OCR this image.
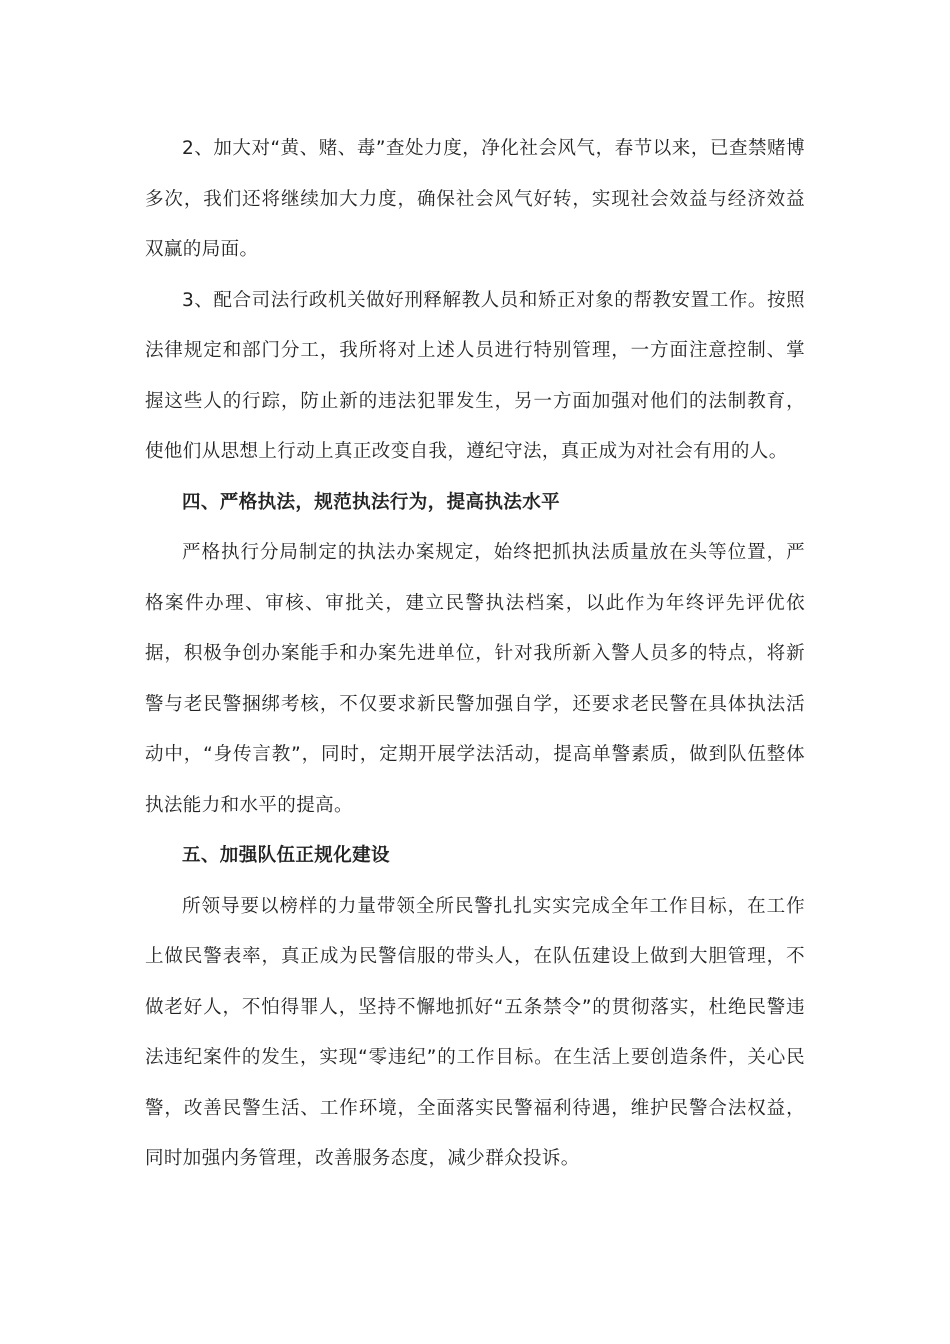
2、加大对“黄、赌、毒”查处力度，净化社会风气，春节以来，已查禁赌博多次，我们还将继续加大力度，确保社会风气好转，实现社会效益与经济效益双赢的局面。

3、配合司法行政机关做好刑释解教人员和矫正对象的帮教安置工作。按照法律规定和部门分工，我所将对上述人员进行特别管理，一方面注意控制、掌握这些人的行踪，防止新的违法犯罪发生，另一方面加强对他们的法制教育，使他们从思想上行动上真正改变自我，遵纪守法，真正成为对社会有用的人。

四、严格执法，规范执法行为，提高执法水平

严格执行分局制定的执法办案规定，始终把抓执法质量放在头等位置，严格案件办理、审核、审批关，建立民警执法档案，以此作为年终评先评优依据，积极争创办案能手和办案先进单位，针对我所新入警人员多的特点，将新警与老民警捆绑考核，不仅要求新民警加强自学，还要求老民警在具体执法活动中，“身传言教”，同时，定期开展学法活动，提高单警素质，做到队伍整体执法能力和水平的提高。

五、加强队伍正规化建设

所领导要以榜样的力量带领全所民警扎扎实实完成全年工作目标，在工作上做民警表率，真正成为民警信服的带头人，在队伍建设上做到大胆管理，不做老好人，不怕得罪人，坚持不懈地抓好“五条禁令”的贯彻落实，杜绝民警违法违纪案件的发生，实现“零违纪”的工作目标。在生活上要创造条件，关心民警，改善民警生活、工作环境，全面落实民警福利待遇，维护民警合法权益，同时加强内务管理，改善服务态度，减少群众投诉。
